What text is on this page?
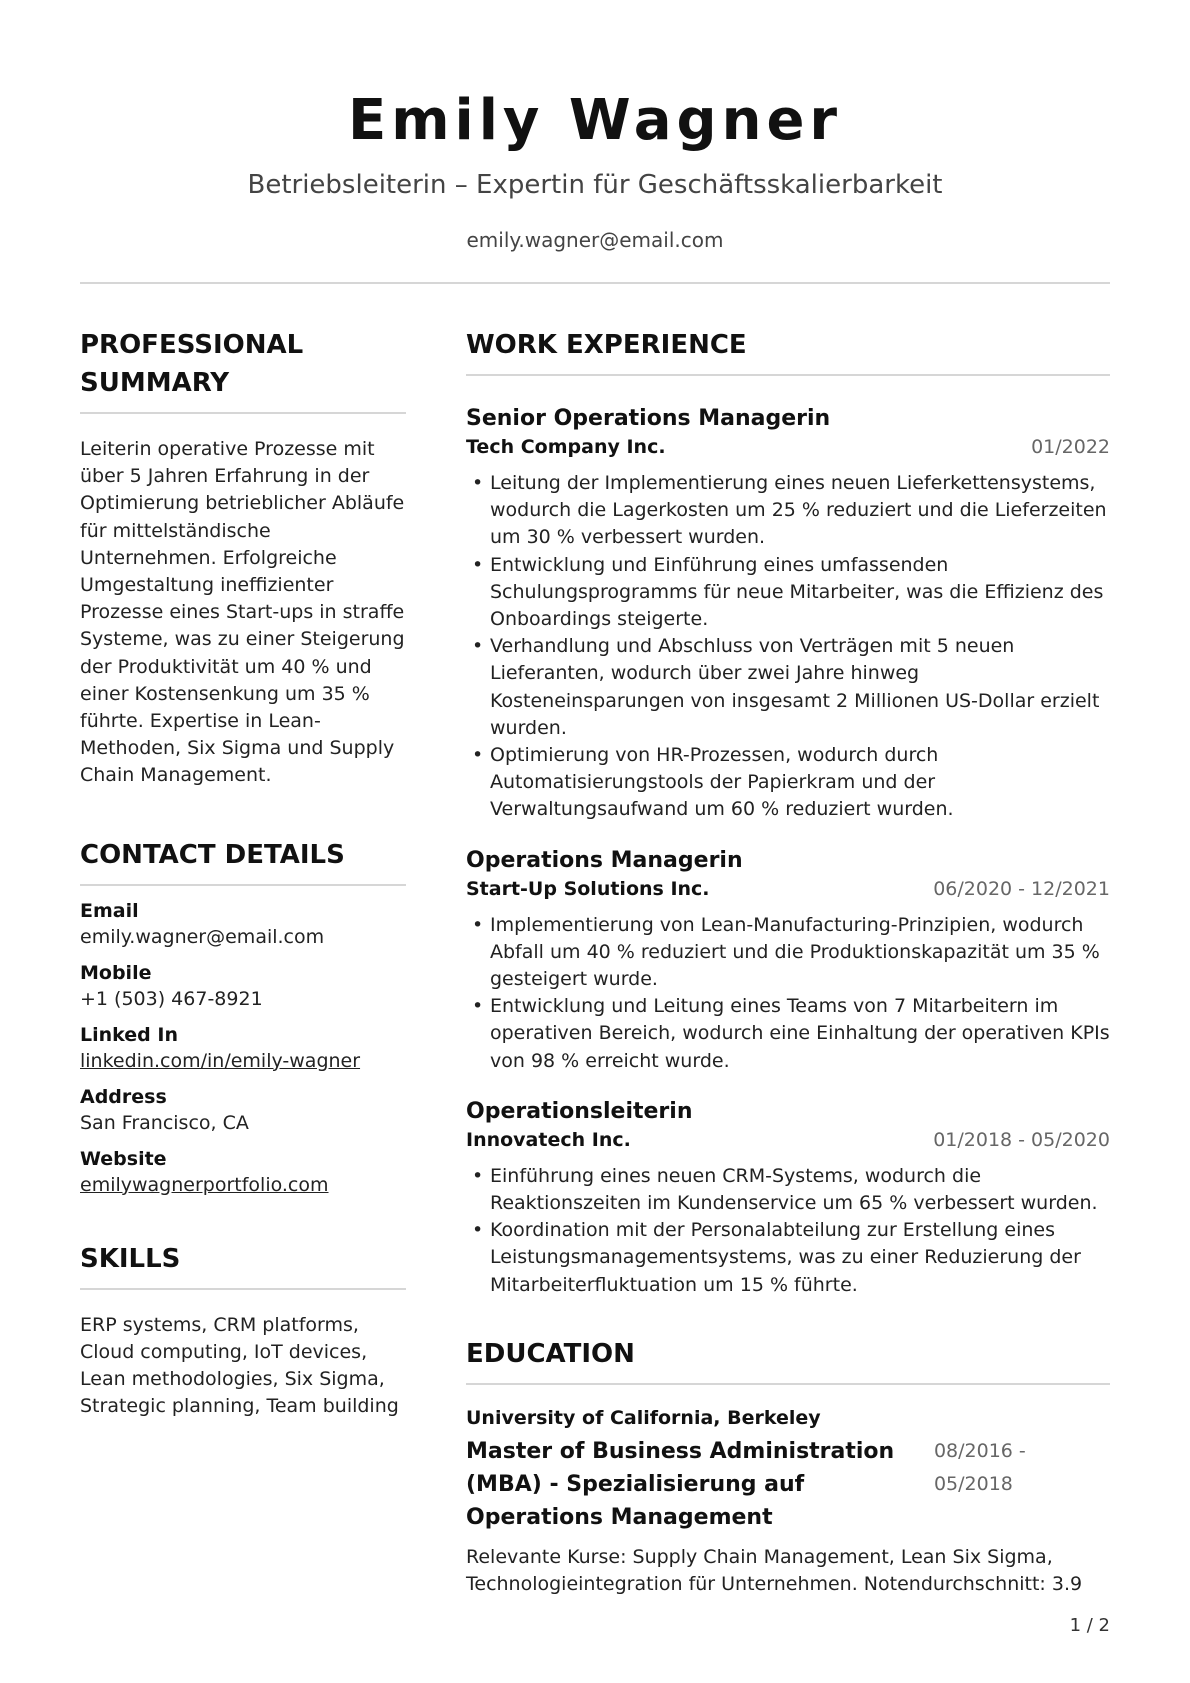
Emily Wagner
Betriebsleiterin – Expertin für Geschäftsskalierbarkeit
emily.wagner@email.com
PROFESSIONAL SUMMARY
Leiterin operative Prozesse mit über 5 Jahren Erfahrung in der Optimierung betrieblicher Abläufe für mittelständische Unternehmen. Erfolgreiche Umgestaltung ineffizienter Prozesse eines Start-ups in straffe Systeme, was zu einer Steigerung der Produktivität um 40 % und einer Kostensenkung um 35 % führte. Expertise in Lean-Methoden, Six Sigma und Supply Chain Management.
CONTACT DETAILS
Email
emily.wagner@email.com
Mobile
+1 (503) 467-8921
Linked In
linkedin.com/in/emily-wagner
Address
San Francisco, CA
Website
emilywagnerportfolio.com
SKILLS
ERP systems, CRM platforms, Cloud computing, IoT devices, Lean methodologies, Six Sigma, Strategic planning, Team building
WORK EXPERIENCE
Senior Operations Managerin
Tech Company Inc.	01/2022
• Leitung der Implementierung eines neuen Lieferkettensystems, wodurch die Lagerkosten um 25 % reduziert und die Lieferzeiten um 30 % verbessert wurden.
• Entwicklung und Einführung eines umfassenden Schulungsprogramms für neue Mitarbeiter, was die Effizienz des Onboardings steigerte.
• Verhandlung und Abschluss von Verträgen mit 5 neuen Lieferanten, wodurch über zwei Jahre hinweg Kosteneinsparungen von insgesamt 2 Millionen US-Dollar erzielt wurden.
• Optimierung von HR-Prozessen, wodurch durch Automatisierungstools der Papierkram und der Verwaltungsaufwand um 60 % reduziert wurden.
Operations Managerin
Start-Up Solutions Inc.	06/2020 - 12/2021
• Implementierung von Lean-Manufacturing-Prinzipien, wodurch Abfall um 40 % reduziert und die Produktionskapazität um 35 % gesteigert wurde.
• Entwicklung und Leitung eines Teams von 7 Mitarbeitern im operativen Bereich, wodurch eine Einhaltung der operativen KPIs von 98 % erreicht wurde.
Operationsleiterin
Innovatech Inc.	01/2018 - 05/2020
• Einführung eines neuen CRM-Systems, wodurch die Reaktionszeiten im Kundenservice um 65 % verbessert wurden.
• Koordination mit der Personalabteilung zur Erstellung eines Leistungsmanagementsystems, was zu einer Reduzierung der Mitarbeiterfluktuation um 15 % führte.
EDUCATION
University of California, Berkeley
Master of Business Administration (MBA) - Spezialisierung auf Operations Management
08/2016 - 05/2018
Relevante Kurse: Supply Chain Management, Lean Six Sigma, Technologieintegration für Unternehmen. Notendurchschnitt: 3.9
1 / 2
